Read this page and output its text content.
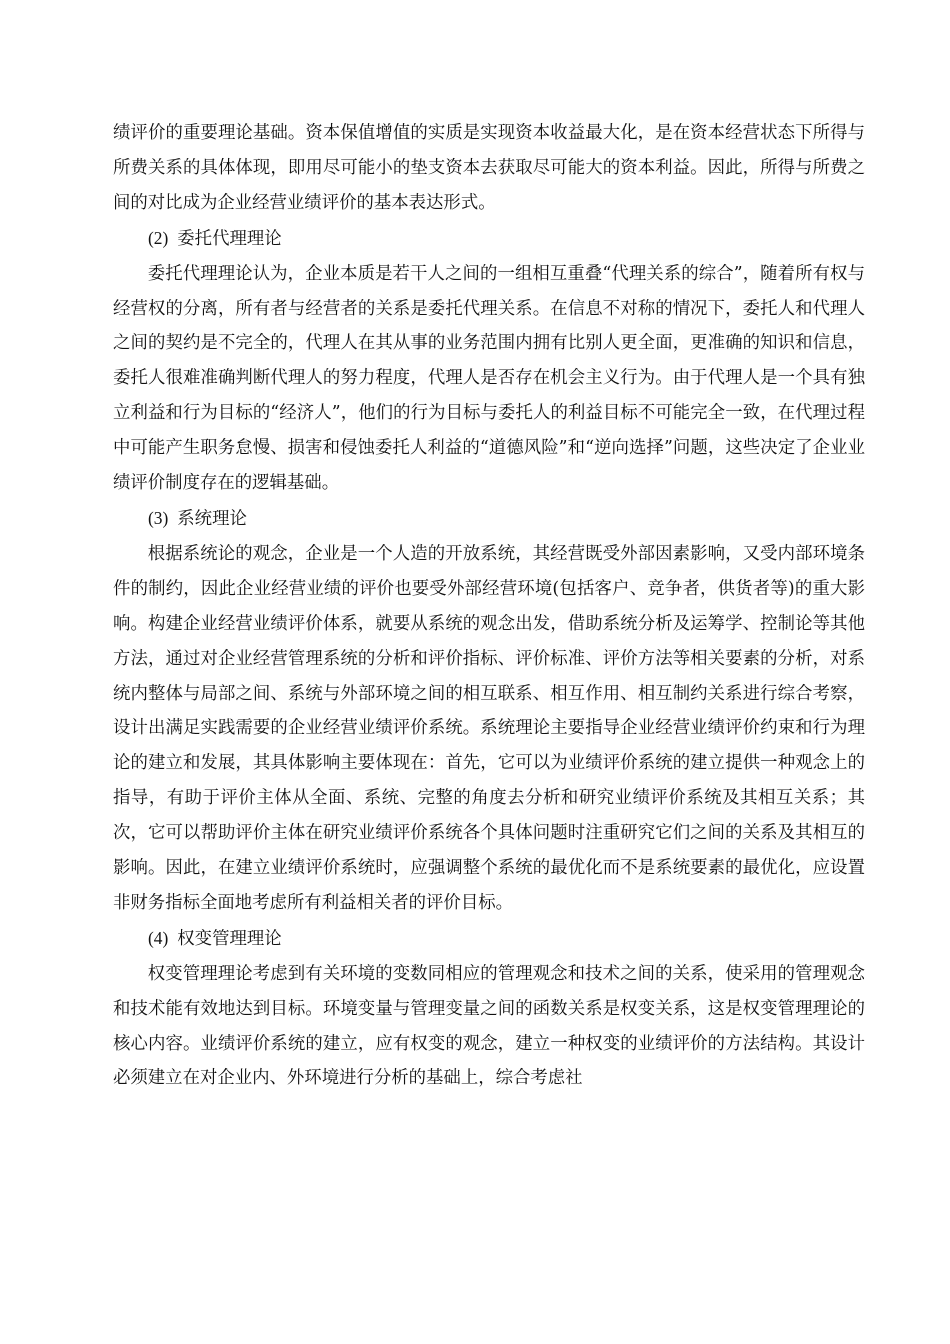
绩评价的重要理论基础。资本保值增值的实质是实现资本收益最大化，是在资本经营状态下所得与所费关系的具体体现，即用尽可能小的垫支资本去获取尽可能大的资本利益。因此，所得与所费之间的对比成为企业经营业绩评价的基本表达形式。

(2) 委托代理理论

委托代理理论认为，企业本质是若干人之间的一组相互重叠“代理关系的综合”，随着所有权与经营权的分离，所有者与经营者的关系是委托代理关系。在信息不对称的情况下，委托人和代理人之间的契约是不完全的，代理人在其从事的业务范围内拥有比别人更全面，更准确的知识和信息，委托人很难准确判断代理人的努力程度，代理人是否存在机会主义行为。由于代理人是一个具有独立利益和行为目标的“经济人”，他们的行为目标与委托人的利益目标不可能完全一致，在代理过程中可能产生职务怠慢、损害和侵蚀委托人利益的“道德风险”和“逆向选择”问题，这些决定了企业业绩评价制度存在的逻辑基础。

(3) 系统理论

根据系统论的观念，企业是一个人造的开放系统，其经营既受外部因素影响，又受内部环境条件的制约，因此企业经营业绩的评价也要受外部经营环境(包括客户、竞争者，供货者等)的重大影响。构建企业经营业绩评价体系，就要从系统的观念出发，借助系统分析及运筹学、控制论等其他方法，通过对企业经营管理系统的分析和评价指标、评价标准、评价方法等相关要素的分析，对系统内整体与局部之间、系统与外部环境之间的相互联系、相互作用、相互制约关系进行综合考察，设计出满足实践需要的企业经营业绩评价系统。系统理论主要指导企业经营业绩评价约束和行为理论的建立和发展，其具体影响主要体现在：首先，它可以为业绩评价系统的建立提供一种观念上的指导，有助于评价主体从全面、系统、完整的角度去分析和研究业绩评价系统及其相互关系；其次，它可以帮助评价主体在研究业绩评价系统各个具体问题时注重研究它们之间的关系及其相互的影响。因此，在建立业绩评价系统时，应强调整个系统的最优化而不是系统要素的最优化，应设置非财务指标全面地考虑所有利益相关者的评价目标。

(4) 权变管理理论

权变管理理论考虑到有关环境的变数同相应的管理观念和技术之间的关系，使采用的管理观念和技术能有效地达到目标。环境变量与管理变量之间的函数关系是权变关系，这是权变管理理论的核心内容。业绩评价系统的建立，应有权变的观念，建立一种权变的业绩评价的方法结构。其设计必须建立在对企业内、外环境进行分析的基础上，综合考虑社
